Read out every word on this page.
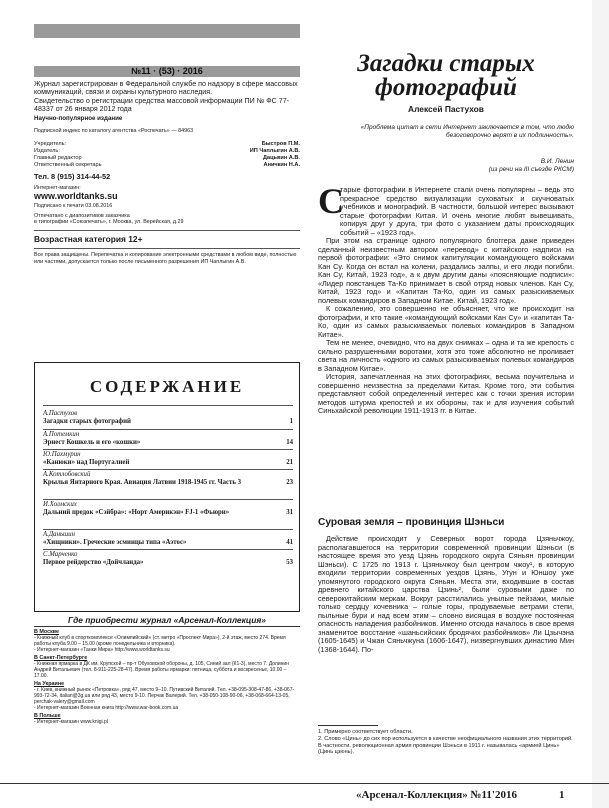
№11 · (53) · 2016
Журнал зарегистрирован в Федеральной службе по надзору в сфере массовых коммуникаций, связи и охраны культурного наследия.
Свидетельство о регистрации средства массовой информации ПИ № ФС 77-48337 от 26 января 2012 года
Научно-популярное издание
Подписной индекс по каталогу агентства «Роспечать» — 84963
Учредитель:	Быстров П.М.
Издатель:	ИП Чаплыгин А.В.
Главный редактор	Дацьвин А.В.
Ответственный секретарь	Аничкин Н.А.
Тел. 8 (915) 314-44-52
Интернет-магазин:
www.worldtanks.su
Подписано к печати 03.08.2016
Отпечатано с диапозитивов заказчика
в типографии «Союзпечать», г. Москва, ул. Верейская, д.29
Возрастная категория 12+
Все права защищены. Перепечатка и копирование электронными средствами в любом виде, полностью или частями, допускается только после письменного разрешения ИП Чаплыгин А.В.
СОДЕРЖАНИЕ
А.Пастухов
Загадки старых фотографий	1
А.Потемкин
Эрнест Кошкель и его «кошки»	14
Ю.Пахмурин
«Канюки» над Португалией	21
А.Котлобовский
Крылья Янтарного Края. Авиация Латвии 1918-1945 гг. Часть 3	23
И.Холмских
Дальний предок «Сэйбра»: «Норт Америкэн» FJ-1 «Фьюри»	31
А.Даньшин
«Хищники». Греческие эсминцы типа «Аэтос»	41
С.Марченко
Первое рейдерство «Дойчланда»	53
Где приобрести журнал «Арсенал-Коллекция»
В Москве
- Книжный клуб в спорткомплексе «Олимпийский» (ст. метро «Проспект Мира»), 2-й этаж, место 274. Время работы клуба 9.00 – 15.00 (кроме понедельника и вторника).
- Интернет-магазин «Танки Мира» http://www.worldtanks.su
В Санкт-Петербурге
- Книжная ярмарка в ДК им. Крупской – пр-т Обуховской обороны, д. 105, Синий зал (К1-3), место 7. Долинин Андрей Витальевич (тел. 8-911-225-28-47). Время работы ярмарки: пятница, суббота и воскресенье, 10.00 – 17.00.
На Украине
- г. Киев, книжный рынок «Петровка», ряд 47, место 9–10. Путивский Виталий. Тел. +38-095-308-47-86, +38-067-993-72-34, italian@3g.ua или ряд 43, место 9-10. Перчак Валерий. Тел. +38-050-108-90-06, +38-068-664-13-05, perchak-valery@gmail.com
- Интернет-магазин Военная книга http://www.war-book.com.ua
В Польше
- Интернет-магазин www.knigi.pl
Загадки старых фотографий
Алексей Пастухов
«Проблема цитат в сети Интернет заключается в том, что людю безоговорочно верят в их подлинность».
В.И. Ленин
(из речи на III съезде РКСМ)
С

тарые фотографии в Интернете стали очень популярны – ведь это прекрасное средство визуализации суховатых и скучноватых учебников и монографий. В частности, большой интерес вызывают старые фотографии Китая. И очень многие любят вывешивать, копируя друг у друга, три фото с указанием даты происходящих событий – «1923 год».

При этом на странице одного популярного блоггера даже приведен сделанный неизвестным автором «перевод» с китайского надписи на первой фотографии: «Это снимок капитуляции командующего войсками Кан Су. Когда он встал на колени, раздались залпы, и его люди погибли. Кан Су, Китай, 1923 год», а к двум другим даны «поясняющие подписи»: «Лидер повстанцев Та-Ко принимает в свой отряд новых членов. Кан Су, Китай, 1923 год» и «Капитан Та-Ко, один из самых разыскиваемых полевых командиров в Западном Китае. Китай, 1923 год».

К сожалению, это совершенно не объясняет, что же происходит на фотографии, и кто такие «командующий войсками Кан Су» и «капитан Та-Ко, один из самых разыскиваемых полевых командиров в Западном Китае».

Тем не менее, очевидно, что на двух снимках – одна и та же крепость с сильно разрушенными воротами, хотя это тоже абсолютно не проливает света на личность «одного из самых разыскиваемых полевых командиров в Западном Китае».

История, запечатленная на этих фотографиях, весьма поучительна и совершенно неизвестна за пределами Китая. Кроме того, эти события представляют собой определенный интерес как с точки зрения истории методов штурма крепостей и их обороны, так и для изучения событий Синьхайской революции 1911-1913 гг. в Китае.

Суровая земля – провинция Шэньси

Действие происходит у Северных ворот города Цзяньчжоу, располагавшегося на территории современной провинции Шэньси (в настоящее время это уезд Цзянь городского округа Сяньян провинции Шэньси). С 1725 по 1913 г. Цзяньчжоу был центром чжоу¹, в которую входили территории современных уездов Цзянь, Угун и Юншоу уже упомянутого городского округа Сяньян. Места эти, входившие в состав древнего китайского царства Цзинь², были суровыми даже по северокитайским меркам. Вокруг расстилались унылые пейзажи, милые только сердцу кочевника – голые горы, продуваемые ветрами степи, пыльные бури и над всем этим – словно висящая в воздухе постоянная опасность нападения разбойников. Именно отсюда началось в свое время знаменитое восстание «шаньсийских бродячих разбойников» Ли Цзычэна (1605-1645) и Чжан Сяньчжуна (1606-1647), низвергнувших династию Мин (1368-1644). По-

1. Примерно соответствует области.
2. Слово «Цинь» до сих пор используется в качестве неофициального названия этих территорий. В частности, революционная армия провинции Шэньси в 1911 г. называлась «армией Цинь» (Цинь цзюнь).
«Арсенал-Коллекция» №11'2016	1
